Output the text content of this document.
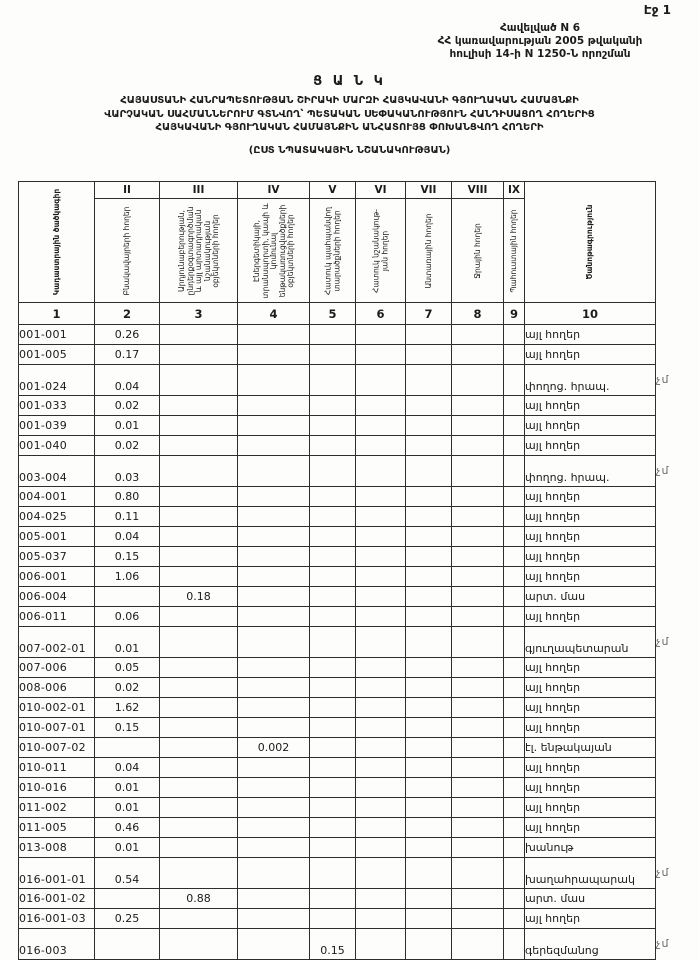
Էջ 1
Հավելված N 6
ՀՀ կառավարության 2005 թվականի
հուլիսի 14-ի N 1250-Ն որոշման
Ց Ա Ն Կ
ՀԱՅԱՍՏԱՆԻ ՀԱՆՐԱՊԵՏՈՒԹՅԱՆ ՇԻՐԱԿԻ ՄԱՐԶԻ ՀԱՅԿԱՎԱՆԻ ԳՅՈՒՂԱԿԱՆ ՀԱՄԱՅՆՔԻ
ՎԱՐՉԱԿԱՆ ՍԱՀՄԱՆՆԵՐՈՒՄ ԳՏՆՎՈՂ՝ ՊԵՏԱԿԱՆ ՍԵՓԱԿԱՆՈՒԹՅՈՒՆ ՀԱՆԴԻՍԱՑՈՂ ՀՈՂԵՐԻՑ
ՀԱՅԿԱՎԱՆԻ ԳՅՈՒՂԱԿԱՆ ՀԱՄԱՅՆՔԻՆ ԱՆՀԱՏՈՒՅՑ ՓՈԽԱՆՑՎՈՂ ՀՈՂԵՐԻ
(ԸՍՏ ՆՊԱՏԱԿԱՅԻՆ ՆՇԱՆԱԿՈՒԹՅԱՆ)
Կադաստրային ծածկագիր	II	III	IV	V	VI	VII	VIII	IX	Ծանոթագրություն	

	Բնակավայրերի հողեր	Արդյունաբերության, ընդերքօգտագործման և այլ արտադրական նշանակության օբյեկտների հողեր	Էներգետիկայի, տրանսպորտի, կապի և կոմունալ ենթակառուցվածքների օբյեկտների հողեր	Հատուկ պահպանվող տարածքների հողեր	Հատուկ նշանակութ-յան հողեր	Անտառային հողեր	Ջրային հողեր	Պահուստային հողեր		

1	2	3	4	5	6	7	8	9	10	
001-001	0.26								այլ հողեր	
001-005	0.17								այլ հողեր	
001-024	0.04								փողոց. հրապ.	չմ
001-033	0.02								այլ հողեր	
001-039	0.01								այլ հողեր	
001-040	0.02								այլ հողեր	
003-004	0.03								փողոց. հրապ.	չմ
004-001	0.80								այլ հողեր	
004-025	0.11								այլ հողեր	
005-001	0.04								այլ հողեր	
005-037	0.15								այլ հողեր	
006-001	1.06								այլ հողեր	
006-004		0.18							արտ. մաս	
006-011	0.06								այլ հողեր	
007-002-01	0.01								գյուղապետարան	չմ
007-006	0.05								այլ հողեր	
008-006	0.02								այլ հողեր	
010-002-01	1.62								այլ հողեր	
010-007-01	0.15								այլ հողեր	
010-007-02			0.002						էլ. ենթակայան	
010-011	0.04								այլ հողեր	
010-016	0.01								այլ հողեր	
011-002	0.01								այլ հողեր	
011-005	0.46								այլ հողեր	
013-008	0.01								խանութ	
016-001-01	0.54								խաղահրապարակ	չմ
016-001-02		0.88							արտ. մաս	
016-001-03	0.25								այլ հողեր	
016-003				0.15					գերեզմանոց	չմ
